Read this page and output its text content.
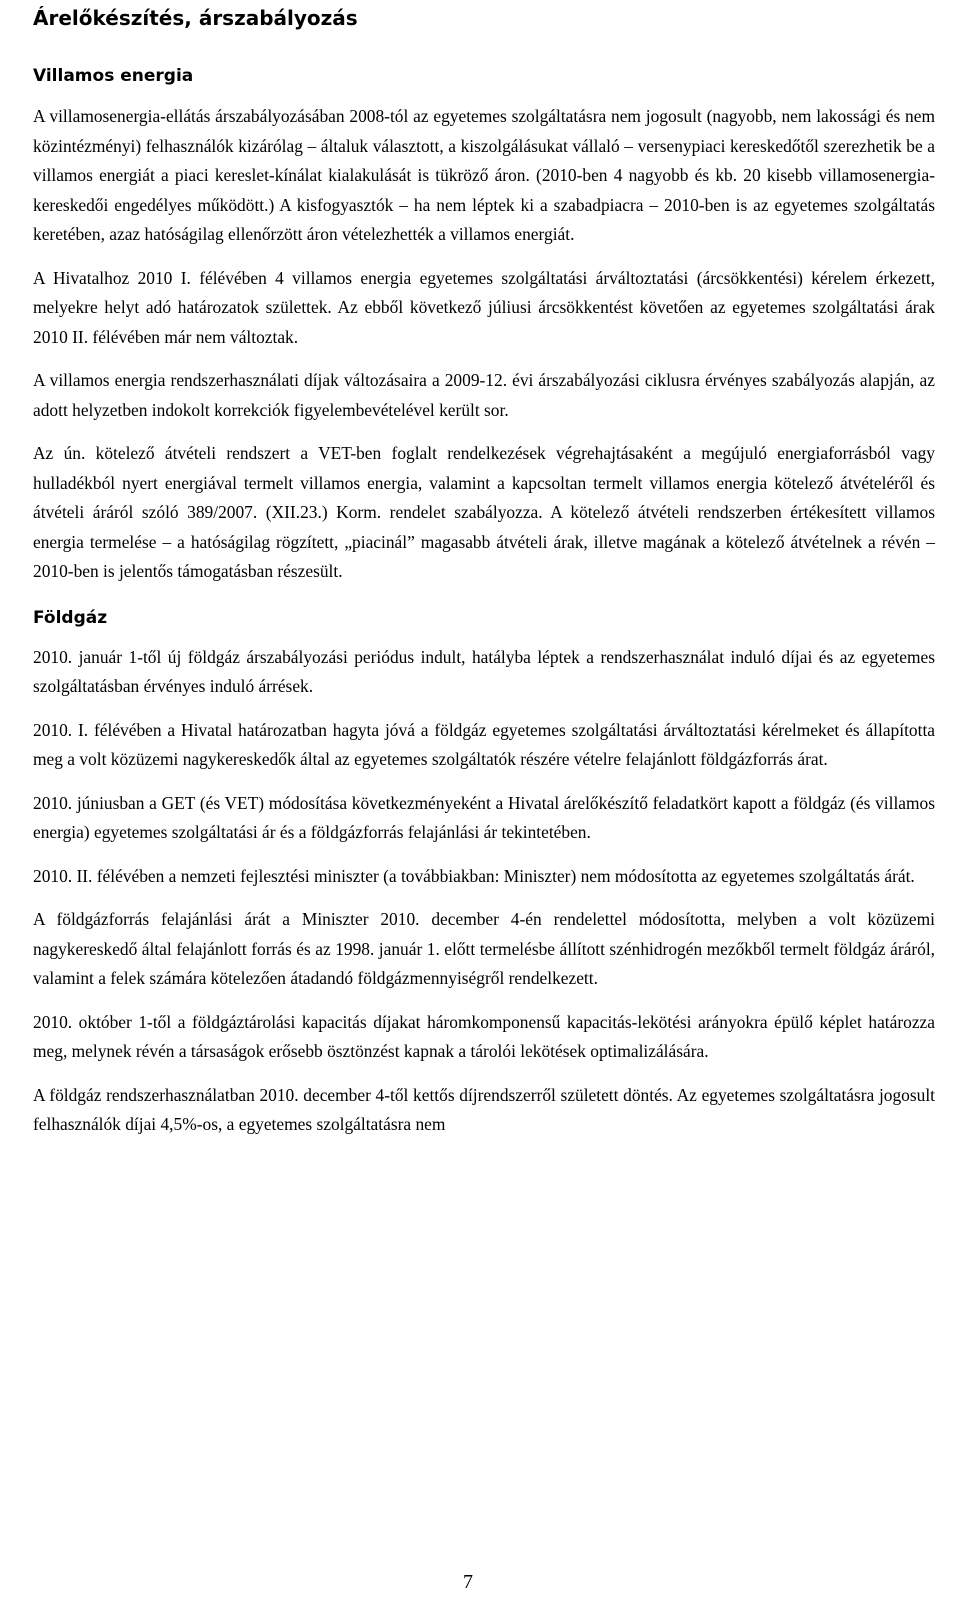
Árelőkészítés, árszabályozás
Villamos energia

A villamosenergia-ellátás árszabályozásában 2008-tól az egyetemes szolgáltatásra nem jogosult (nagyobb, nem lakossági és nem közintézményi) felhasználók kizárólag – általuk választott, a kiszolgálásukat vállaló – versenypiaci kereskedőtől szerezhetik be a villamos energiát a piaci kereslet-kínálat kialakulását is tükröző áron. (2010-ben 4 nagyobb és kb. 20 kisebb villamosenergia-kereskedői engedélyes működött.) A kisfogyasztók – ha nem léptek ki a szabadpiacra – 2010-ben is az egyetemes szolgáltatás keretében, azaz hatóságilag ellenőrzött áron vételezhették a villamos energiát.

A Hivatalhoz 2010 I. félévében 4 villamos energia egyetemes szolgáltatási árváltoztatási (árcsökkentési) kérelem érkezett, melyekre helyt adó határozatok születtek. Az ebből következő júliusi árcsökkentést követően az egyetemes szolgáltatási árak 2010 II. félévében már nem változtak.

A villamos energia rendszerhasználati díjak változásaira a 2009-12. évi árszabályozási ciklusra érvényes szabályozás alapján, az adott helyzetben indokolt korrekciók figyelembevételével került sor.

Az ún. kötelező átvételi rendszert a VET-ben foglalt rendelkezések végrehajtásaként a megújuló energiaforrásból vagy hulladékból nyert energiával termelt villamos energia, valamint a kapcsoltan termelt villamos energia kötelező átvételéről és átvételi áráról szóló 389/2007. (XII.23.) Korm. rendelet szabályozza. A kötelező átvételi rendszerben értékesített villamos energia termelése – a hatóságilag rögzített, „piacinál” magasabb átvételi árak, illetve magának a kötelező átvételnek a révén – 2010-ben is jelentős támogatásban részesült.

Földgáz

2010. január 1-től új földgáz árszabályozási periódus indult, hatályba léptek a rendszerhasználat induló díjai és az egyetemes szolgáltatásban érvényes induló árrések.

2010. I. félévében a Hivatal határozatban hagyta jóvá a földgáz egyetemes szolgáltatási árváltoztatási kérelmeket és állapította meg a volt közüzemi nagykereskedők által az egyetemes szolgáltatók részére vételre felajánlott földgázforrás árat.

2010. júniusban a GET (és VET) módosítása következményeként a Hivatal árelőkészítő feladatkört kapott a földgáz (és villamos energia) egyetemes szolgáltatási ár és a földgázforrás felajánlási ár tekintetében.

2010. II. félévében a nemzeti fejlesztési miniszter (a továbbiakban: Miniszter) nem módosította az egyetemes szolgáltatás árát.

A földgázforrás felajánlási árát a Miniszter 2010. december 4-én rendelettel módosította, melyben a volt közüzemi nagykereskedő által felajánlott forrás és az 1998. január 1. előtt termelésbe állított szénhidrogén mezőkből termelt földgáz áráról, valamint a felek számára kötelezően átadandó földgázmennyiségről rendelkezett.

2010. október 1-től a földgáztárolási kapacitás díjakat háromkomponensű kapacitás-lekötési arányokra épülő képlet határozza meg, melynek révén a társaságok erősebb ösztönzést kapnak a tárolói lekötések optimalizálására.

A földgáz rendszerhasználatban 2010. december 4-től kettős díjrendszerről született döntés. Az egyetemes szolgáltatásra jogosult felhasználók díjai 4,5%-os, a egyetemes szolgáltatásra nem

7
